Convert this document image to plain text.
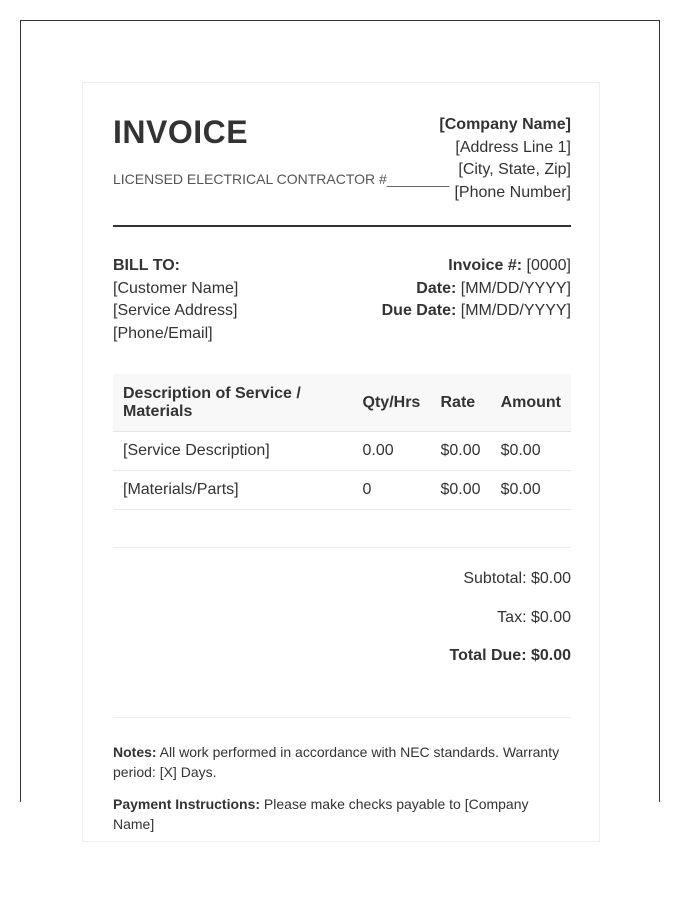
INVOICE
LICENSED ELECTRICAL CONTRACTOR #________
[Company Name]
[Address Line 1]
[City, State, Zip]
[Phone Number]
BILL TO:
[Customer Name]
[Service Address]
[Phone/Email]
Invoice #: [0000]
Date: [MM/DD/YYYY]
Due Date: [MM/DD/YYYY]
Description of Service / Materials	Qty/Hrs	Rate	Amount
[Service Description]	0.00	$0.00	$0.00
[Materials/Parts]	0	$0.00	$0.00
Subtotal: $0.00
Tax: $0.00
Total Due: $0.00

Notes: All work performed in accordance with NEC standards. Warranty period: [X] Days.

Payment Instructions: Please make checks payable to [Company Name]
